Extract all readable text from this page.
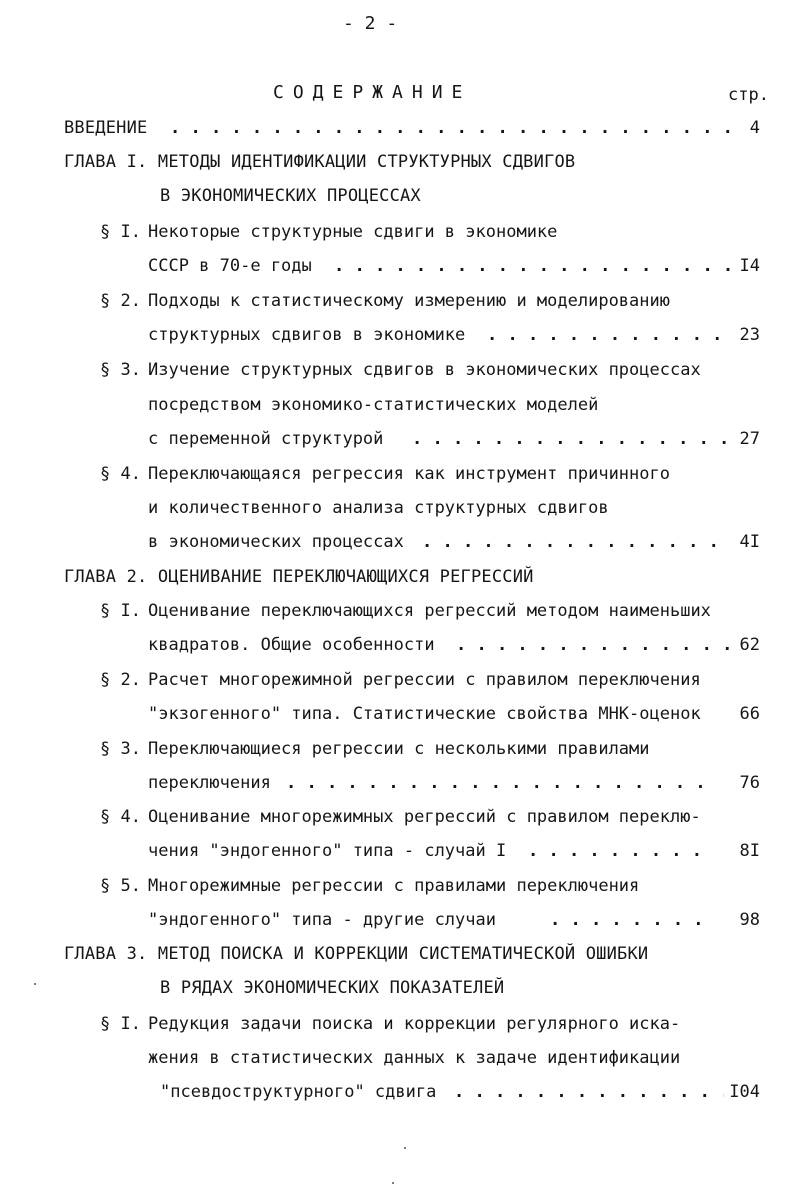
- 2 -
СОДЕРЖАНИЕ	стр.
ВВЕДЕНИЕ . . .	4
ГЛАВА I. МЕТОДЫ ИДЕНТИФИКАЦИИ СТРУКТУРНЫХ СДВИГОВ
В ЭКОНОМИЧЕСКИХ ПРОЦЕССАХ
§ I. Некоторые структурные сдвиги в экономике
СССР в 70-е годы . . .	I4
§ 2. Подходы к статистическому измерению и моделированию
структурных сдвигов в экономике . . .	23
§ 3. Изучение структурных сдвигов в экономических процессах
посредством экономико-статистических моделей
с переменной структурой . . .	27
§ 4. Переключающаяся регрессия как инструмент причинного
и количественного анализа структурных сдвигов
в экономических процессах . . .	4I
ГЛАВА 2. ОЦЕНИВАНИЕ ПЕРЕКЛЮЧАЮЩИХСЯ РЕГРЕССИЙ
§ I. Оценивание переключающихся регрессий методом наименьших
квадратов. Общие особенности . . .	62
§ 2. Расчет многорежимной регрессии с правилом переключения
"экзогенного" типа. Статистические свойства МНК-оценок	66
§ 3. Переключающиеся регрессии с несколькими правилами
переключения . . .	76
§ 4. Оценивание многорежимных регрессий с правилом переклю-
чения "эндогенного" типа - случай I . . .	8I
§ 5. Многорежимные регрессии с правилами переключения
"эндогенного" типа - другие случаи . . .	98
ГЛАВА 3. МЕТОД ПОИСКА И КОРРЕКЦИИ СИСТЕМАТИЧЕСКОЙ ОШИБКИ
В РЯДАХ ЭКОНОМИЧЕСКИХ ПОКАЗАТЕЛЕЙ
§ I. Редукция задачи поиска и коррекции регулярного иска-
жения в статистических данных к задаче идентификации
"псевдоструктурного" сдвига . . .	I04
